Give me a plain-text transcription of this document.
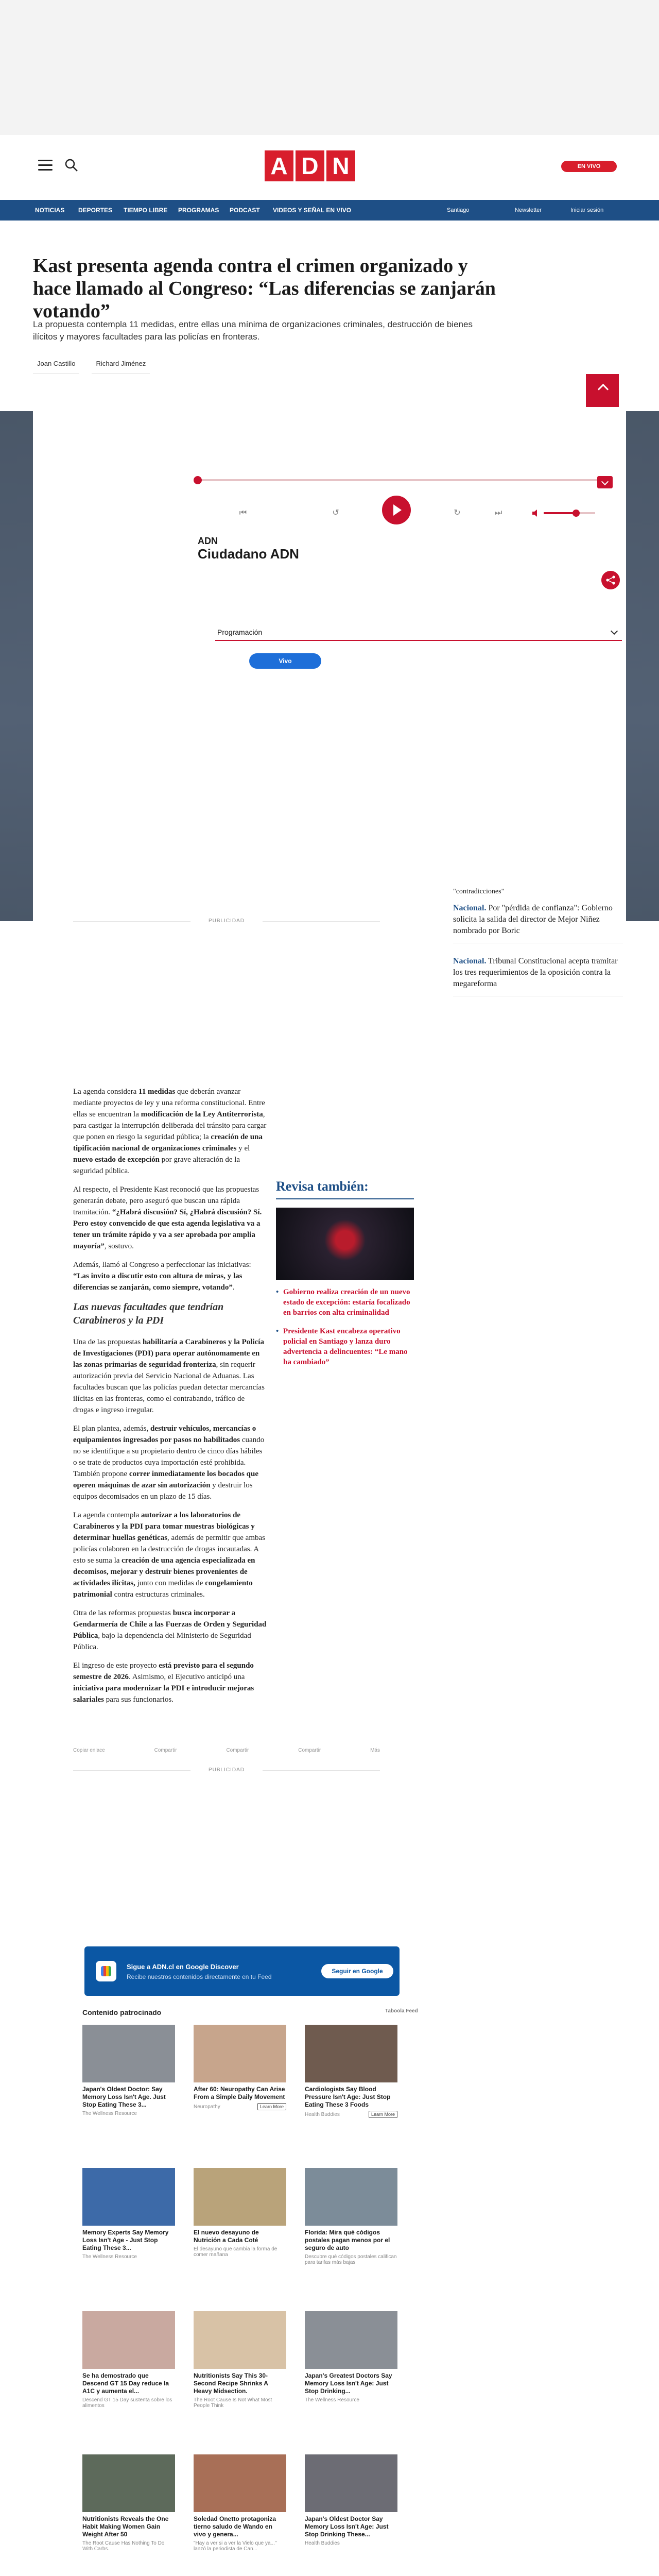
A D N	EN VIVO
NOTICIAS DEPORTES TIEMPO LIBRE PROGRAMAS PODCAST VIDEOS Y SEÑAL EN VIVO	Santiago	Newsletter	Iniciar sesión
Kast presenta agenda contra el crimen organizado y hace llamado al Congreso: “Las diferencias se zanjarán votando”

La propuesta contempla 11 medidas, entre ellas una mínima de organizaciones criminales, destrucción de bienes ilícitos y mayores facultades para las policías en fronteras.

Joan Castillo	Richard Jiménez
⏮	↺	↻	⏭
ADN
Ciudadano ADN
Programación
Vivo
"contradicciones"
Nacional. Por "pérdida de confianza": Gobierno solicita la salida del director de Mejor Niñez nombrado por Boric
Nacional. Tribunal Constitucional acepta tramitar los tres requerimientos de la oposición contra la megareforma
PUBLICIDAD

La agenda considera 11 medidas que deberán avanzar mediante proyectos de ley y una reforma constitucional. Entre ellas se encuentran la modificación de la Ley Antiterrorista, para castigar la interrupción deliberada del tránsito para cargar que ponen en riesgo la seguridad pública; la creación de una tipificación nacional de organizaciones criminales y el nuevo estado de excepción por grave alteración de la seguridad pública.

Al respecto, el Presidente Kast reconoció que las propuestas generarán debate, pero aseguró que buscan una rápida tramitación. “¿Habrá discusión? Sí, ¿Habrá discusión? Sí. Pero estoy convencido de que esta agenda legislativa va a tener un trámite rápido y va a ser aprobada por amplia mayoría”, sostuvo.

Además, llamó al Congreso a perfeccionar las iniciativas: “Las invito a discutir esto con altura de miras, y las diferencias se zanjarán, como siempre, votando”.

Las nuevas facultades que tendrían Carabineros y la PDI

Una de las propuestas habilitaría a Carabineros y la Policía de Investigaciones (PDI) para operar autónomamente en las zonas primarias de seguridad fronteriza, sin requerir autorización previa del Servicio Nacional de Aduanas. Las facultades buscan que las policías puedan detectar mercancías ilícitas en las fronteras, como el contrabando, tráfico de drogas e ingreso irregular.

El plan plantea, además, destruir vehículos, mercancías o equipamientos ingresados por pasos no habilitados cuando no se identifique a su propietario dentro de cinco días hábiles o se trate de productos cuya importación esté prohibida. También propone correr inmediatamente los bocados que operen máquinas de azar sin autorización y destruir los equipos decomisados en un plazo de 15 días.

La agenda contempla autorizar a los laboratorios de Carabineros y la PDI para tomar muestras biológicas y determinar huellas genéticas, además de permitir que ambas policías colaboren en la destrucción de drogas incautadas. A esto se suma la creación de una agencia especializada en decomisos, mejorar y destruir bienes provenientes de actividades ilícitas, junto con medidas de congelamiento patrimonial contra estructuras criminales.

Otra de las reformas propuestas busca incorporar a Gendarmería de Chile a las Fuerzas de Orden y Seguridad Pública, bajo la dependencia del Ministerio de Seguridad Pública.

El ingreso de este proyecto está previsto para el segundo semestre de 2026. Asimismo, el Ejecutivo anticipó una iniciativa para modernizar la PDI e introducir mejoras salariales para sus funcionarios.

Revisa también:
• Gobierno realiza creación de un nuevo estado de excepción: estaría focalizado en barrios con alta criminalidad
• Presidente Kast encabeza operativo policial en Santiago y lanza duro advertencia a delincuentes: “Le mano ha cambiado”
Copiar enlace	Compartir	Compartir	Compartir	Más
PUBLICIDAD
Sigue a ADN.cl en Google Discover
Recibe nuestros contenidos directamente en tu Feed
Seguir en Google
Contenido patrocinado	Taboola Feed
Japan's Oldest Doctor: Say Memory Loss Isn't Age. Just Stop Eating These 3...
The Wellness Resource
After 60: Neuropathy Can Arise From a Simple Daily Movement
Neuropathy	Learn More
Cardiologists Say Blood Pressure Isn't Age: Just Stop Eating These 3 Foods
Health Buddies	Learn More
Memory Experts Say Memory Loss Isn't Age - Just Stop Eating These 3...
The Wellness Resource
El nuevo desayuno de Nutrición a Cada Coté
El desayuno que cambia la forma de comer mañana
Florida: Mira qué códigos postales pagan menos por el seguro de auto
Descubre qué códigos postales califican para tarifas más bajas
Se ha demostrado que Descend GT 15 Day reduce la A1C y aumenta el...
Descend GT 15 Day sustenta sobre los alimentos
Nutritionists Say This 30-Second Recipe Shrinks A Heavy Midsection.
The Root Cause Is Not What Most People Think
Japan's Greatest Doctors Say Memory Loss Isn't Age: Just Stop Drinking...
The Wellness Resource
Nutritionists Reveals the One Habit Making Women Gain Weight After 50
The Root Cause Has Nothing To Do With Carbs.
Soledad Onetto protagoniza tierno saludo de Wando en vivo y genera...
"Hay a ver si a ver la Vielo que ya..." lanzó la periodista de Can...
Japan's Oldest Doctor Say Memory Loss Isn't Age: Just Stop Drinking These...
Health Buddies
